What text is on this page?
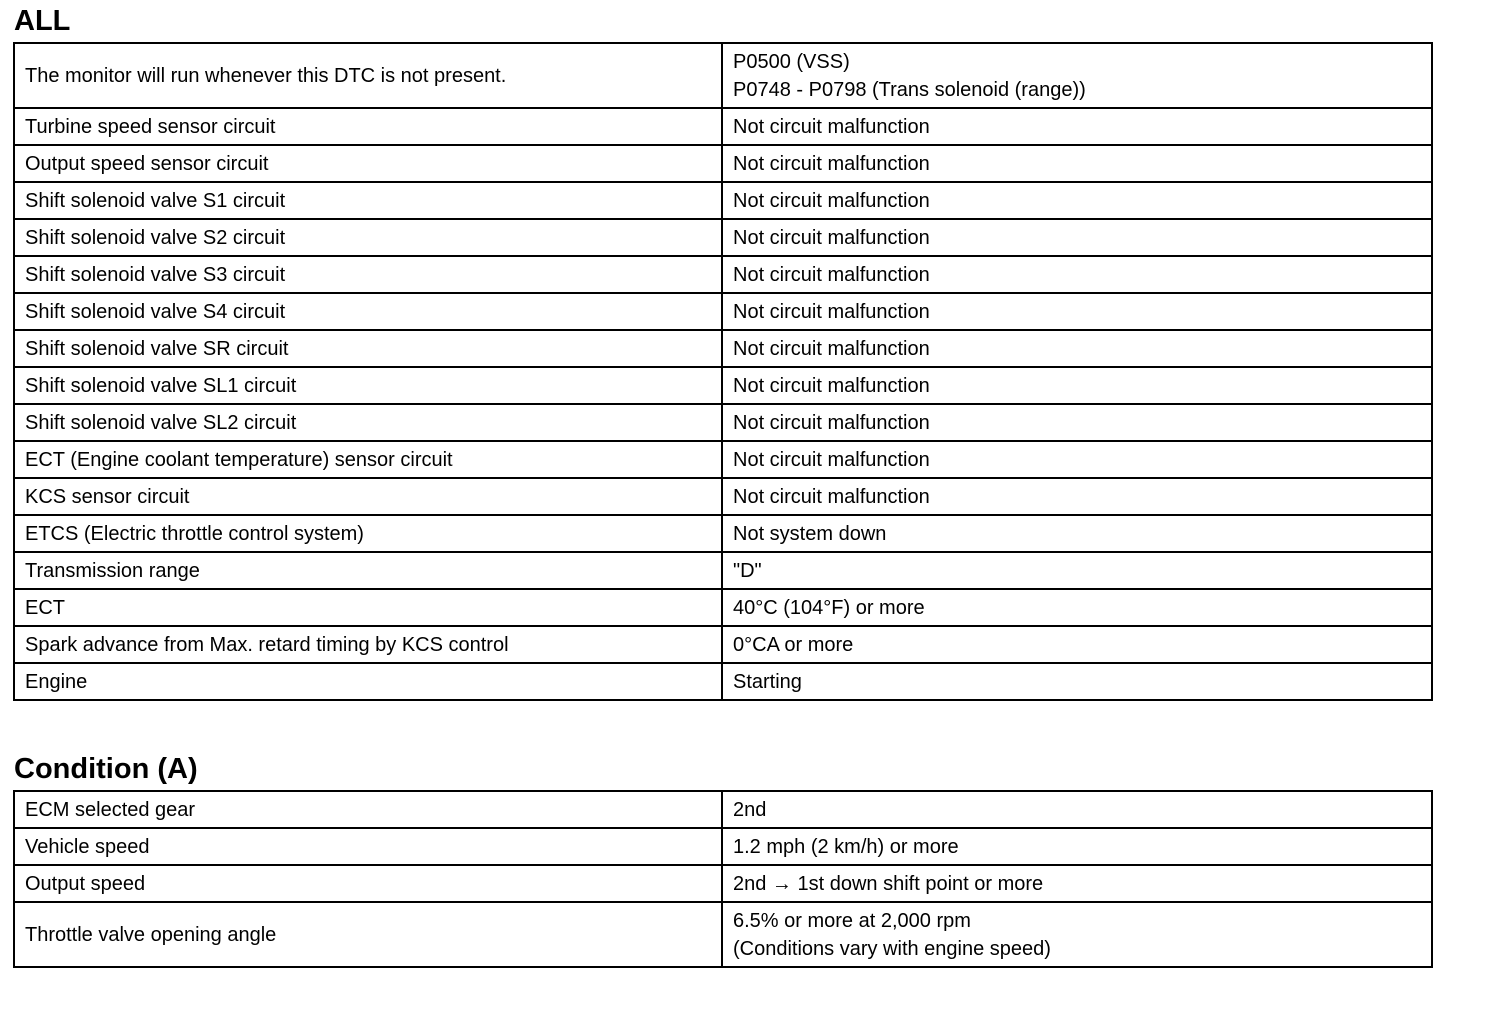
ALL
The monitor will run whenever this DTC is not present.	P0500 (VSS)
P0748 - P0798 (Trans solenoid (range))

Turbine speed sensor circuit	Not circuit malfunction

Output speed sensor circuit	Not circuit malfunction

Shift solenoid valve S1 circuit	Not circuit malfunction

Shift solenoid valve S2 circuit	Not circuit malfunction

Shift solenoid valve S3 circuit	Not circuit malfunction

Shift solenoid valve S4 circuit	Not circuit malfunction

Shift solenoid valve SR circuit	Not circuit malfunction

Shift solenoid valve SL1 circuit	Not circuit malfunction

Shift solenoid valve SL2 circuit	Not circuit malfunction

ECT (Engine coolant temperature) sensor circuit	Not circuit malfunction

KCS sensor circuit	Not circuit malfunction

ETCS (Electric throttle control system)	Not system down

Transmission range	"D"

ECT	40°C (104°F) or more

Spark advance from Max. retard timing by KCS control	0°CA or more

Engine	Starting
Condition (A)
ECM selected gear	2nd

Vehicle speed	1.2 mph (2 km/h) or more

Output speed	2nd → 1st down shift point or more

Throttle valve opening angle	6.5% or more at 2,000 rpm
(Conditions vary with engine speed)
